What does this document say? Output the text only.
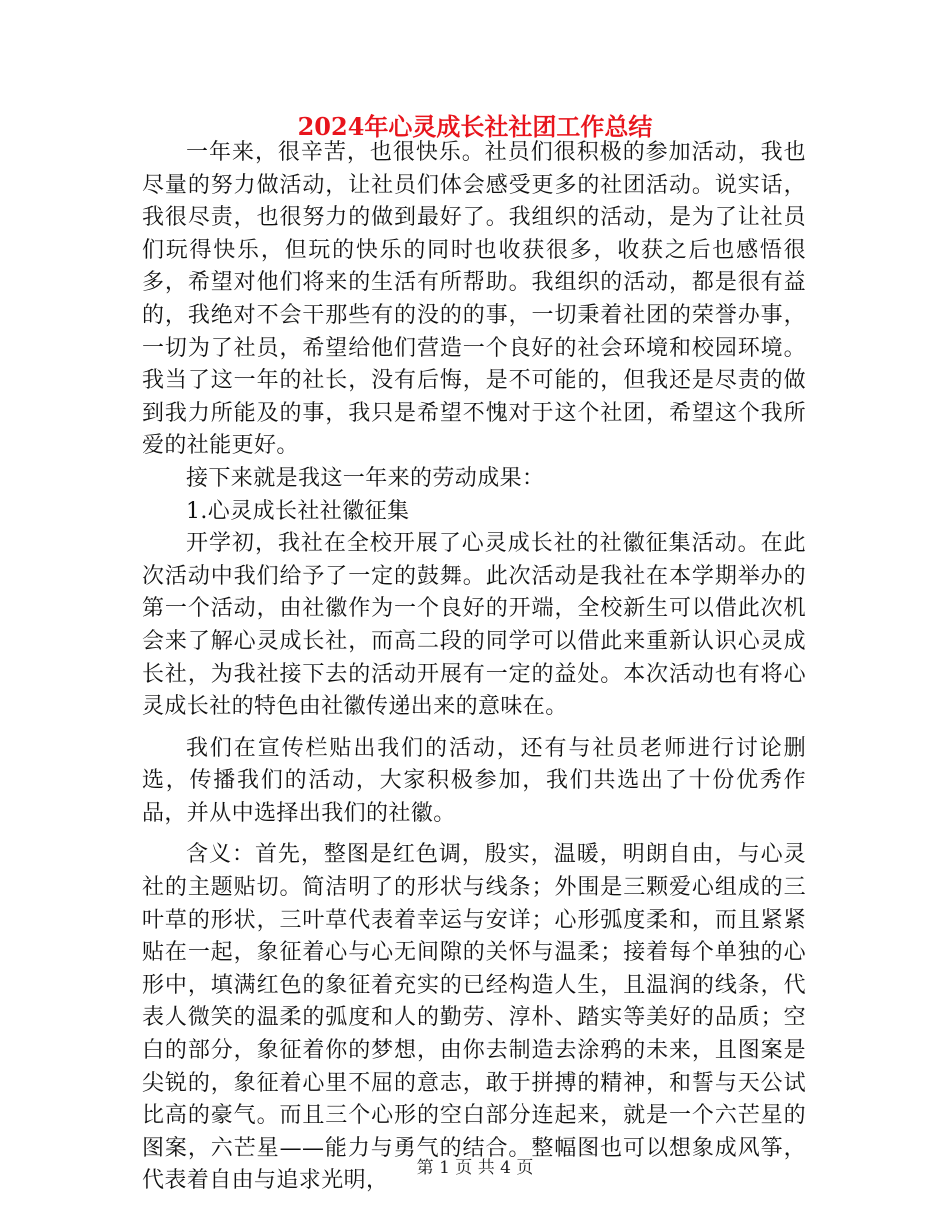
2024年心灵成长社社团工作总结

一年来，很辛苦，也很快乐。社员们很积极的参加活动，我也尽量的努力做活动，让社员们体会感受更多的社团活动。说实话，我很尽责，也很努力的做到最好了。我组织的活动，是为了让社员们玩得快乐，但玩的快乐的同时也收获很多，收获之后也感悟很多，希望对他们将来的生活有所帮助。我组织的活动，都是很有益的，我绝对不会干那些有的没的的事，一切秉着社团的荣誉办事，一切为了社员，希望给他们营造一个良好的社会环境和校园环境。我当了这一年的社长，没有后悔，是不可能的，但我还是尽责的做到我力所能及的事，我只是希望不愧对于这个社团，希望这个我所爱的社能更好。

接下来就是我这一年来的劳动成果：

1.心灵成长社社徽征集

开学初，我社在全校开展了心灵成长社的社徽征集活动。在此次活动中我们给予了一定的鼓舞。此次活动是我社在本学期举办的第一个活动，由社徽作为一个良好的开端，全校新生可以借此次机会来了解心灵成长社，而高二段的同学可以借此来重新认识心灵成长社，为我社接下去的活动开展有一定的益处。本次活动也有将心灵成长社的特色由社徽传递出来的意味在。

我们在宣传栏贴出我们的活动，还有与社员老师进行讨论删选，传播我们的活动，大家积极参加，我们共选出了十份优秀作品，并从中选择出我们的社徽。

含义：首先，整图是红色调，殷实，温暖，明朗自由，与心灵社的主题贴切。简洁明了的形状与线条；外围是三颗爱心组成的三叶草的形状，三叶草代表着幸运与安详；心形弧度柔和，而且紧紧贴在一起，象征着心与心无间隙的关怀与温柔；接着每个单独的心形中，填满红色的象征着充实的已经构造人生，且温润的线条，代表人微笑的温柔的弧度和人的勤劳、淳朴、踏实等美好的品质；空白的部分，象征着你的梦想，由你去制造去涂鸦的未来，且图案是尖锐的，象征着心里不屈的意志，敢于拼搏的精神，和誓与天公试比高的豪气。而且三个心形的空白部分连起来，就是一个六芒星的图案，六芒星——能力与勇气的结合。整幅图也可以想象成风筝，代表着自由与追求光明，

第 1 页 共 4 页
